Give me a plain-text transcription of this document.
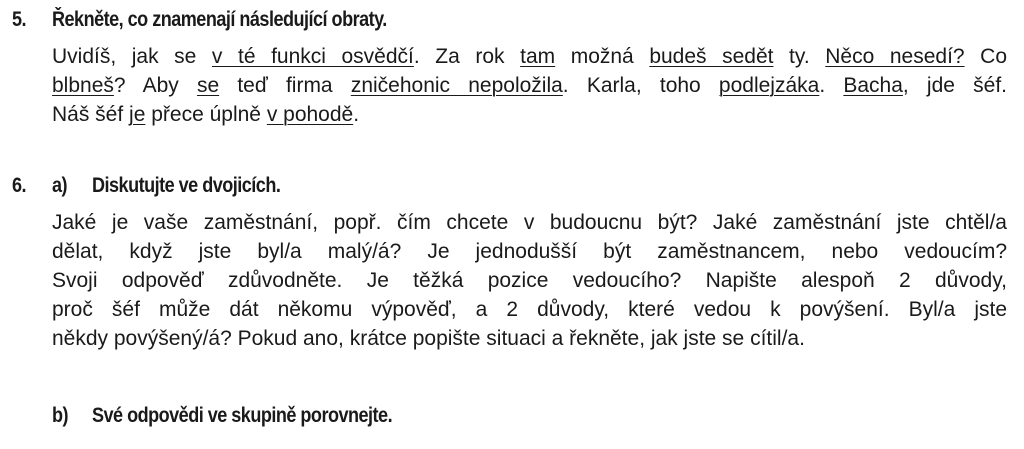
5. Řekněte, co znamenají následující obraty.
Uvidíš, jak se v té funkci osvědčí. Za rok tam možná budeš sedět ty. Něco nesedí? Co
blbneš? Aby se teď firma zničehonic nepoložila. Karla, toho podlejzáka. Bacha, jde šéf.
Náš šéf je přece úplně v pohodě.
6. a) Diskutujte ve dvojicích.
Jaké je vaše zaměstnání, popř. čím chcete v budoucnu být? Jaké zaměstnání jste chtěl/a
dělat, když jste byl/a malý/á? Je jednodušší být zaměstnancem, nebo vedoucím?
Svoji odpověď zdůvodněte. Je těžká pozice vedoucího? Napište alespoň 2 důvody,
proč šéf může dát někomu výpověď, a 2 důvody, které vedou k povýšení. Byl/a jste
někdy povýšený/á? Pokud ano, krátce popište situaci a řekněte, jak jste se cítil/a.
b) Své odpovědi ve skupině porovnejte.
